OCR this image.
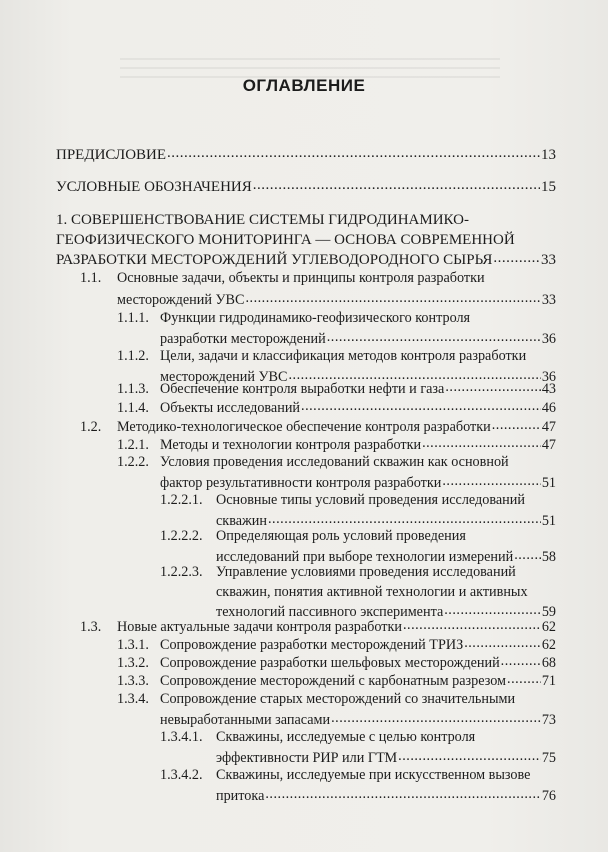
ОГЛАВЛЕНИЕ
ПРЕДИСЛОВИЕ .....	13
УСЛОВНЫЕ ОБОЗНАЧЕНИЯ .....	15
1. СОВЕРШЕНСТВОВАНИЕ СИСТЕМЫ ГИДРОДИНАМИКО-
ГЕОФИЗИЧЕСКОГО МОНИТОРИНГА — ОСНОВА СОВРЕМЕННОЙ
РАЗРАБОТКИ МЕСТОРОЖДЕНИЙ УГЛЕВОДОРОДНОГО СЫРЬЯ .....	33
1.1.	Основные задачи, объекты и принципы контроля разработки
месторождений УВС .....	33
1.1.1. Функции гидродинамико-геофизического контроля
разработки месторождений .....	36
1.1.2. Цели, задачи и классификация методов контроля разработки
месторождений УВС .....	36
1.1.3. Обеспечение контроля выработки нефти и газа .....	43
1.1.4. Объекты исследований .....	46
1.2.	Методико-технологическое обеспечение контроля разработки .....	47
1.2.1. Методы и технологии контроля разработки .....	47
1.2.2. Условия проведения исследований скважин как основной
фактор результативности контроля разработки .....	51
1.2.2.1. Основные типы условий проведения исследований
скважин .....	51
1.2.2.2. Определяющая роль условий проведения
исследований при выборе технологии измерений ..... 58
1.2.2.3. Управление условиями проведения исследований
скважин, понятия активной технологии и активных
технологий пассивного эксперимента .....	59
1.3.	Новые актуальные задачи контроля разработки .....	62
1.3.1. Сопровождение разработки месторождений ТРИЗ .....	62
1.3.2. Сопровождение разработки шельфовых месторождений .....	68
1.3.3. Сопровождение месторождений с карбонатным разрезом .....	71
1.3.4. Сопровождение старых месторождений со значительными
невыработанными запасами .....	73
1.3.4.1. Скважины, исследуемые с целью контроля
эффективности РИР или ГТМ .....	75
1.3.4.2. Скважины, исследуемые при искусственном вызове
притока .....	76
